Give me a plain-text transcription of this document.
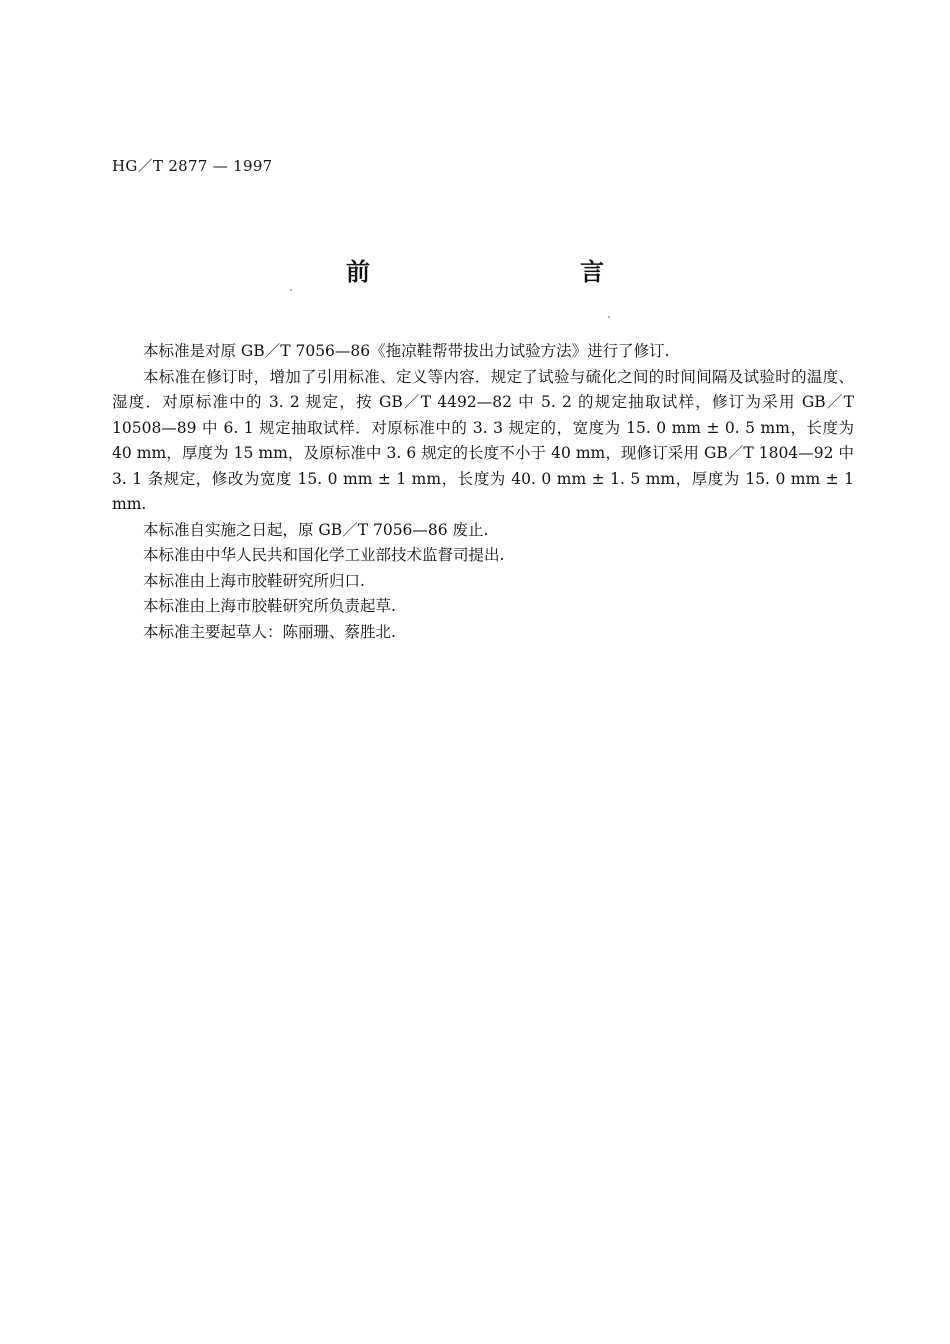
HG／T 2877 — 1997
前　　言

本标准是对原 GB／T 7056—86《拖凉鞋帮带拔出力试验方法》进行了修订.

本标准在修订时，增加了引用标准、定义等内容．规定了试验与硫化之间的时间间隔及试验时的温度、湿度．对原标准中的 3. 2 规定，按 GB／T 4492—82 中 5. 2 的规定抽取试样，修订为采用 GB／T 10508—89 中 6. 1 规定抽取试样．对原标准中的 3. 3 规定的，宽度为 15. 0 mm ± 0. 5 mm，长度为 40 mm，厚度为 15 mm，及原标准中 3. 6 规定的长度不小于 40 mm，现修订采用 GB／T 1804—92 中 3. 1 条规定，修改为宽度 15. 0 mm ± 1 mm，长度为 40. 0 mm ± 1. 5 mm，厚度为 15. 0 mm ± 1 mm.

本标准自实施之日起，原 GB／T 7056—86 废止.

本标准由中华人民共和国化学工业部技术监督司提出.

本标准由上海市胶鞋研究所归口.

本标准由上海市胶鞋研究所负责起草.

本标准主要起草人：陈丽珊、蔡胜北.
